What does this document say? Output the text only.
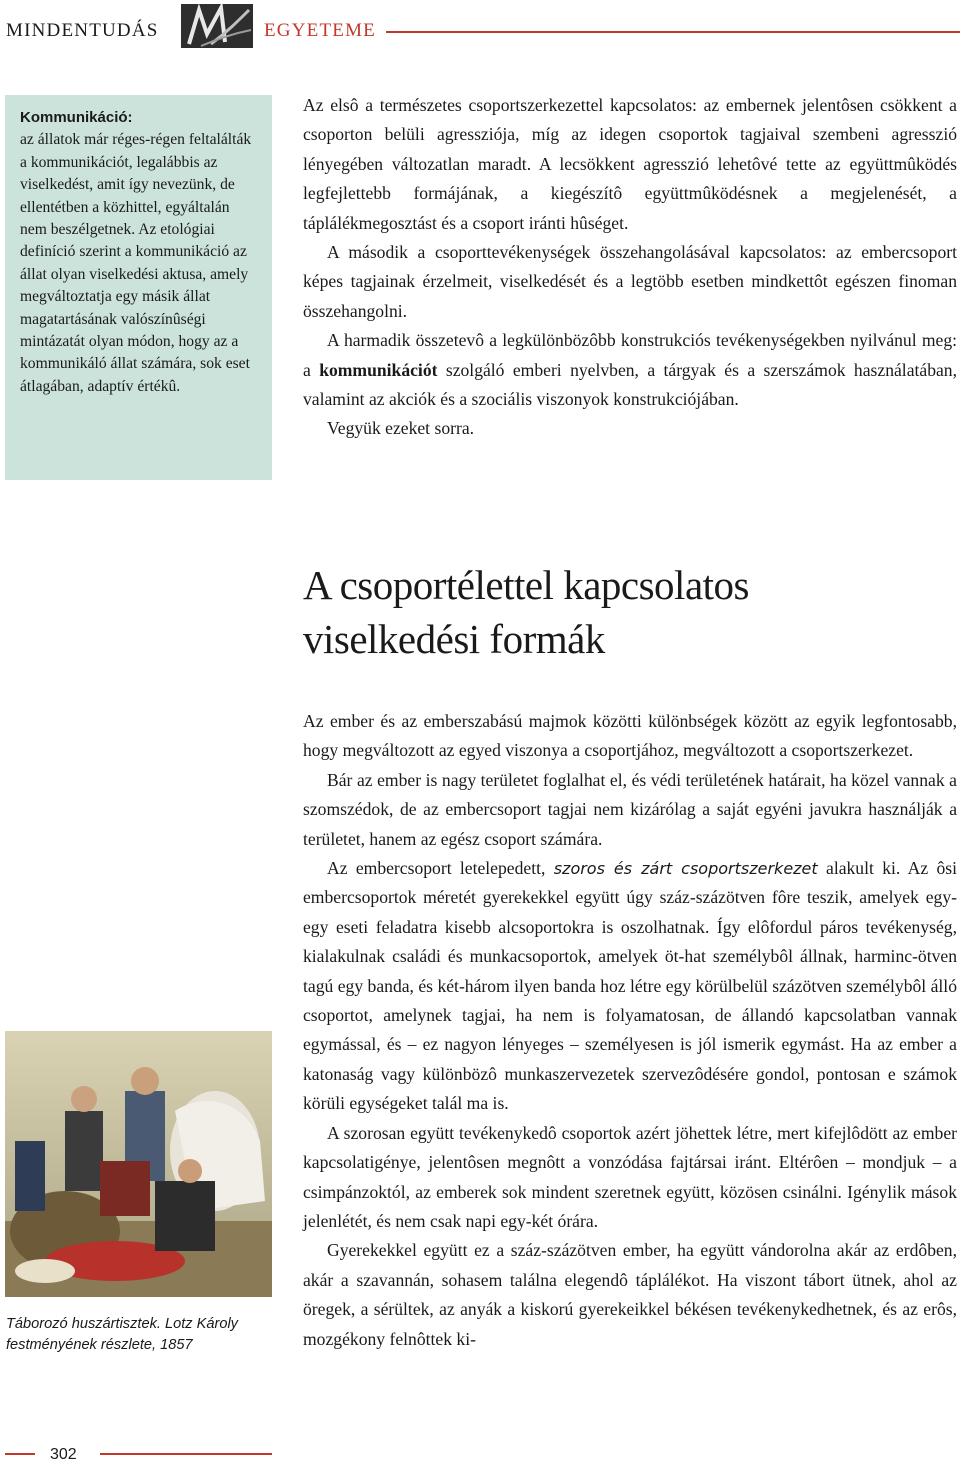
MINDENTUDÁS	EGYETEME
Kommunikáció:
az állatok már réges-régen feltalálták a kommunikációt, legalábbis az viselkedést, amit így nevezünk, de ellentétben a közhittel, egyáltalán nem beszélgetnek. Az etológiai definíció szerint a kommunikáció az állat olyan viselkedési aktusa, amely megváltoztatja egy másik állat magatartásának valószínûségi mintázatát olyan módon, hogy az a kommunikáló állat számára, sok eset átlagában, adaptív értékû.

Az elsô a természetes csoportszerkezettel kapcsolatos: az embernek jelentôsen csökkent a csoporton belüli agressziója, míg az idegen csoportok tagjaival szembeni agresszió lényegében változatlan maradt. A lecsökkent agresszió lehetôvé tette az együttmûködés legfejlettebb formájának, a kiegészítô együttmûködésnek a megjelenését, a táplálékmegosztást és a csoport iránti hûséget.

A második a csoporttevékenységek összehangolásával kapcsolatos: az embercsoport képes tagjainak érzelmeit, viselkedését és a legtöbb esetben mindkettôt egészen finoman összehangolni.

A harmadik összetevô a legkülönbözôbb konstrukciós tevékenységekben nyilvánul meg: a kommunikációt szolgáló emberi nyelvben, a tárgyak és a szerszámok használatában, valamint az akciók és a szociális viszonyok konstrukciójában.

Vegyük ezeket sorra.

A csoportélettel kapcsolatos
viselkedési formák

Az ember és az emberszabású majmok közötti különbségek között az egyik legfontosabb, hogy megváltozott az egyed viszonya a csoportjához, megváltozott a csoportszerkezet.

Bár az ember is nagy területet foglalhat el, és védi területének határait, ha közel vannak a szomszédok, de az embercsoport tagjai nem kizárólag a saját egyéni javukra használják a területet, hanem az egész csoport számára.

Az embercsoport letelepedett, szoros és zárt csoportszerkezet alakult ki. Az ôsi embercsoportok méretét gyerekekkel együtt úgy száz-százötven fôre teszik, amelyek egy-egy eseti feladatra kisebb alcsoportokra is oszolhatnak. Így elôfordul páros tevékenység, kialakulnak családi és munkacsoportok, amelyek öt-hat személybôl állnak, harminc-ötven tagú egy banda, és két-három ilyen banda hoz létre egy körülbelül százötven személybôl álló csoportot, amelynek tagjai, ha nem is folyamatosan, de állandó kapcsolatban vannak egymással, és – ez nagyon lényeges – személyesen is jól ismerik egymást. Ha az ember a katonaság vagy különbözô munkaszervezetek szervezôdésére gondol, pontosan e számok körüli egységeket talál ma is.

A szorosan együtt tevékenykedô csoportok azért jöhettek létre, mert kifejlôdött az ember kapcsolatigénye, jelentôsen megnôtt a vonzódása fajtársai iránt. Eltérôen – mondjuk – a csimpánzoktól, az emberek sok mindent szeretnek együtt, közösen csinálni. Igénylik mások jelenlétét, és nem csak napi egy-két órára.

Gyerekekkel együtt ez a száz-százötven ember, ha együtt vándorolna akár az erdôben, akár a szavannán, sohasem találna elegendô táplálékot. Ha viszont tábort ütnek, ahol az öregek, a sérültek, az anyák a kiskorú gyerekeikkel békésen tevékenykedhetnek, és az erôs, mozgékony felnôttek ki-

Táborozó huszártisztek. Lotz Károly festményének részlete, 1857
302
